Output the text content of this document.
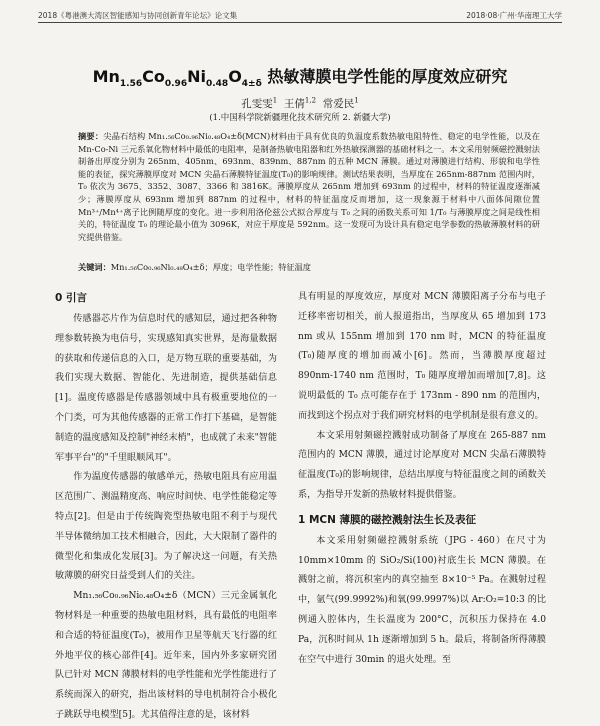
2018《粤港澳大湾区智能感知与协同创新青年论坛》论文集	2018·08·广州·华南理工大学
$Mn_{1.56}Co_{0.96}Ni_{0.48}O_{4\pm\delta}$ 热敏薄膜电学性能的厚度效应研究
孔雯雯$^1$ 王倩$^{1,2}$ 常爱民$^1$
(1.中国科学院新疆理化技术研究所 2. 新疆大学)
摘要：尖晶石结构 Mn₁.₅₆Co₀.₉₆Ni₀.₄₈O₄±δ(MCN)材料由于具有优良的负温度系数热敏电阻特性、稳定的电学性能，以及在 Mn-Co-Ni 三元系氧化物材料中最低的电阻率，是制备热敏电阻器和红外热敏探测器的基础材料之一。本文采用射频磁控溅射法制备出厚度分别为 265nm、405nm、693nm、839nm、887nm 的五种 MCN 薄膜。通过对薄膜进行结构、形貌和电学性能的表征，探究薄膜厚度对 MCN 尖晶石薄膜特征温度(T₀)的影响规律。测试结果表明，当厚度在 265nm-887nm 范围内时，T₀ 依次为 3675、3352、3087、3366 和 3816K。薄膜厚度从 265nm 增加到 693nm 的过程中，材料的特征温度逐渐减少；薄膜厚度从 693nm 增加到 887nm 的过程中，材料的特征温度反而增加，这一现象源于材料中八面体间隙位置 Mn³⁺/Mn⁴⁺离子比例随厚度的变化。进一步利用洛伦兹公式拟合厚度与 T₀ 之间的函数关系可知 1/T₀ 与薄膜厚度之间是线性相关的，特征温度 T₀ 的理论最小值为 3096K，对应于厚度是 592nm。这一发现可为设计具有稳定电学参数的热敏薄膜材料的研究提供借鉴。
关键词：Mn₁.₅₆Co₀.₉₆Ni₀.₄₈O₄±δ；厚度；电学性能；特征温度
0 引言

传感器芯片作为信息时代的感知层，通过把各种物理参数转换为电信号，实现感知真实世界，是海量数据的获取和传递信息的入口，是万物互联的重要基础，为我们实现大数据、智能化、先进制造，提供基础信息[1]。温度传感器是传感器领域中具有极重要地位的一个门类，可为其他传感器的正常工作打下基础，是智能制造的温度感知及控制"神经末梢"，也成就了未来"智能军事平台"的"千里眼顺风耳"。

作为温度传感器的敏感单元，热敏电阻具有应用温区范围广、测温精度高、响应时间快、电学性能稳定等特点[2]。但是由于传统陶瓷型热敏电阻不利于与现代半导体微纳加工技术相融合，因此，大大限制了器件的微型化和集成化发展[3]。为了解决这一问题，有关热敏薄膜的研究日益受到人们的关注。

Mn₁.₅₆Co₀.₉₆Ni₀.₄₈O₄±δ（MCN）三元金属氧化物材料是一种重要的热敏电阻材料，具有最低的电阻率和合适的特征温度(T₀)，被用作卫星等航天飞行器的红外地平仪的核心部件[4]。近年来，国内外多家研究团队已针对 MCN 薄膜材料的电学性能和光学性能进行了系统而深入的研究，指出该材料的导电机制符合小极化子跳跃导电模型[5]。尤其值得注意的是，该材料

具有明显的厚度效应，厚度对 MCN 薄膜阳离子分布与电子迁移率密切相关，前人报道指出，当厚度从 65 增加到 173 nm 或从 155nm 增加到 170 nm 时，MCN 的特征温度(T₀)随厚度的增加而减小[6]。然而，当薄膜厚度超过 890nm-1740 nm 范围时，T₀ 随厚度增加而增加[7,8]。这说明最低的 T₀ 点可能存在于 173nm - 890 nm 的范围内，而找到这个拐点对于我们研究材料的电学机制是很有意义的。

本文采用射频磁控溅射成功制备了厚度在 265-887 nm 范围内的 MCN 薄膜，通过讨论厚度对 MCN 尖晶石薄膜特征温度(T₀)的影响规律，总结出厚度与特征温度之间的函数关系，为指导开发新的热敏材料提供借鉴。

1 MCN 薄膜的磁控溅射法生长及表征

本文采用射频磁控溅射系统（JPG - 460）在尺寸为 10mm×10mm 的 SiO₂/Si(100)衬底生长 MCN 薄膜。在溅射之前，将沉积室内的真空抽至 8×10⁻⁵ Pa。在溅射过程中，氩气(99.9992%)和氧(99.9997%)以 Ar:O₂=10:3 的比例通入腔体内，生长温度为 200°C，沉积压力保持在 4.0 Pa，沉积时间从 1h 逐渐增加到 5 h。最后，将制备所得薄膜在空气中进行 30min 的退火处理。至
